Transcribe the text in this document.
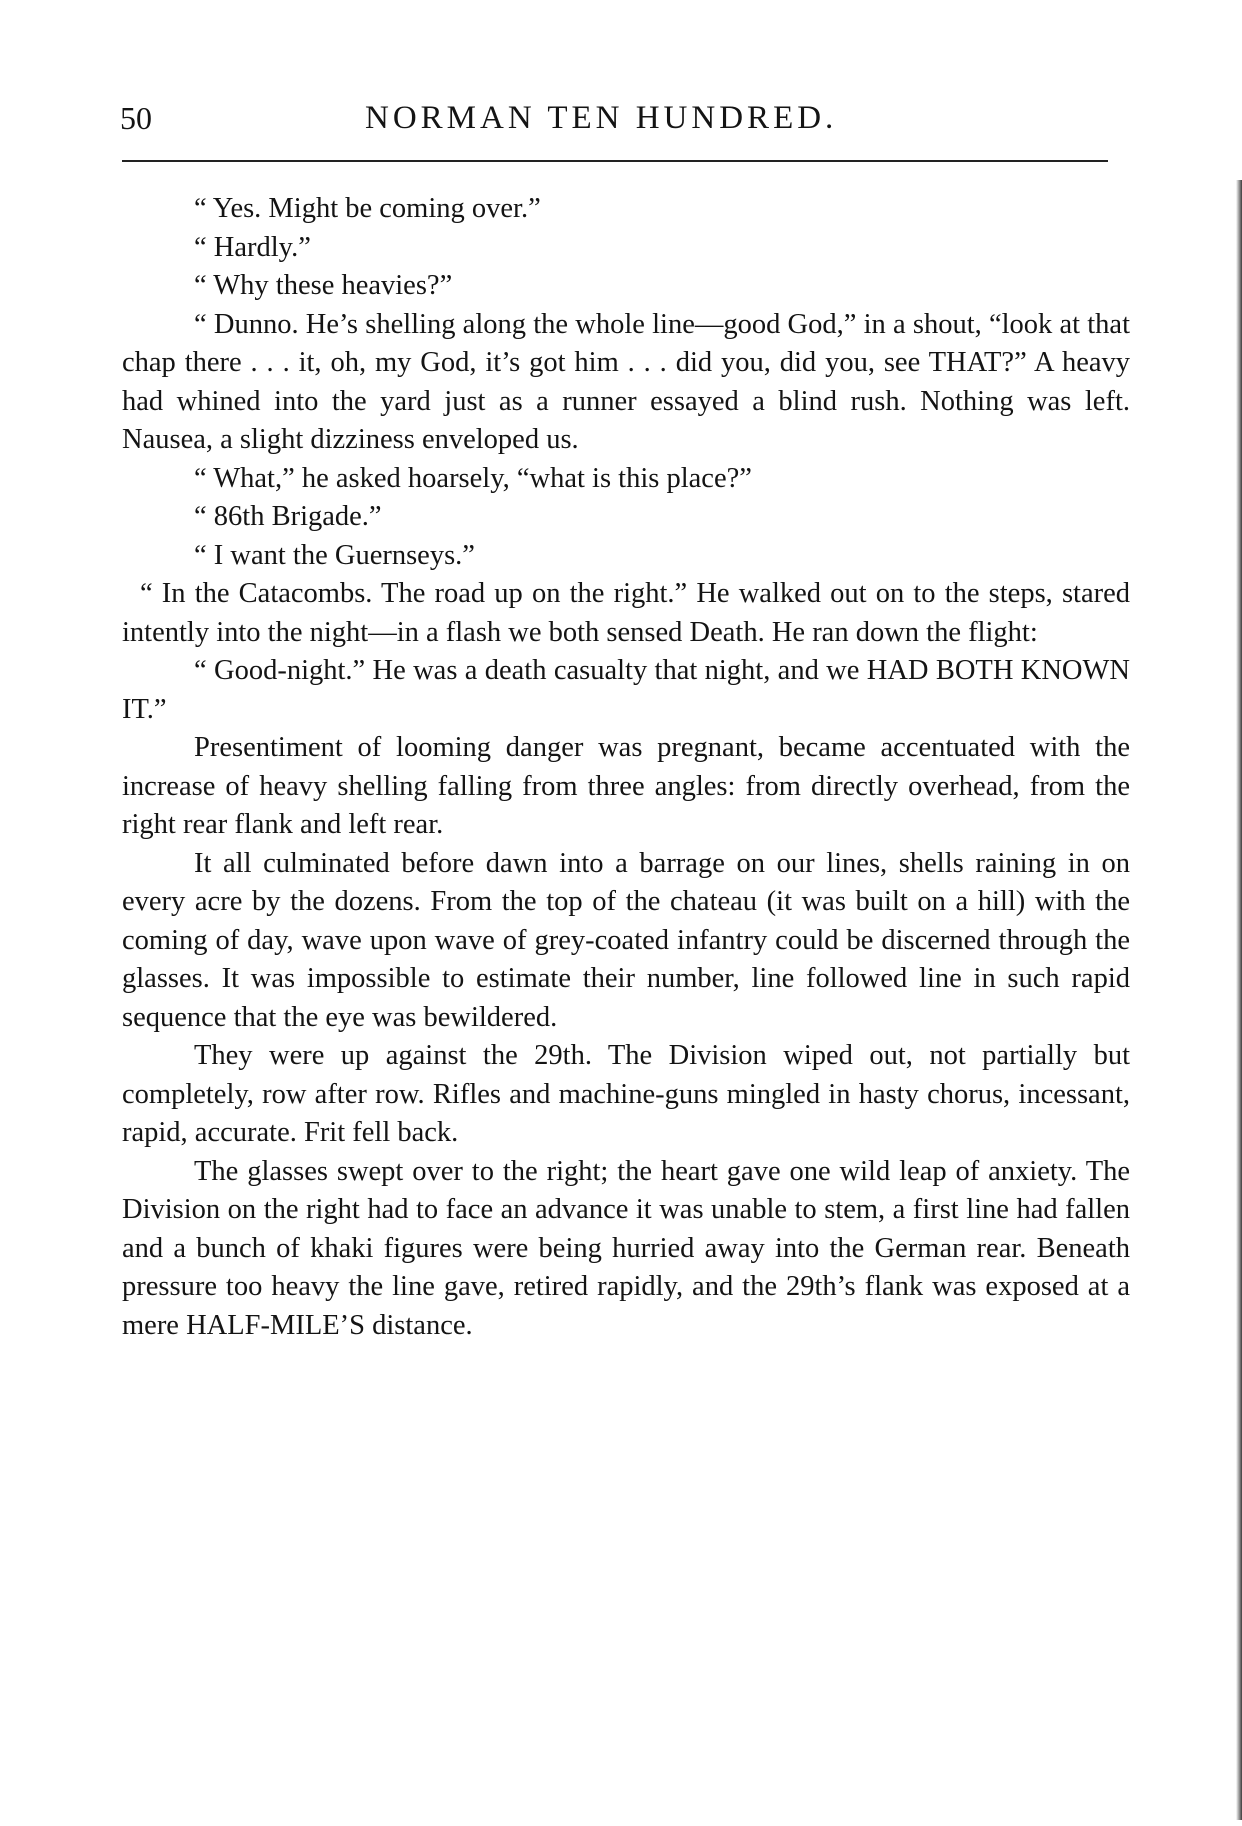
50	NORMAN TEN HUNDRED.

“ Yes. Might be coming over.”

“ Hardly.”

“ Why these heavies?”

“ Dunno. He’s shelling along the whole line—good God,” in a shout, “look at that chap there . . . it, oh, my God, it’s got him . . . did you, did you, see THAT?” A heavy had whined into the yard just as a runner essayed a blind rush. Nothing was left. Nausea, a slight dizziness enveloped us.

“ What,” he asked hoarsely, “what is this place?”

“ 86th Brigade.”

“ I want the Guernseys.”

“ In the Catacombs. The road up on the right.” He walked out on to the steps, stared intently into the night—in a flash we both sensed Death. He ran down the flight:

“ Good-night.” He was a death casualty that night, and we HAD BOTH KNOWN IT.”

Presentiment of looming danger was pregnant, became accentuated with the increase of heavy shelling falling from three angles: from directly overhead, from the right rear flank and left rear.

It all culminated before dawn into a barrage on our lines, shells raining in on every acre by the dozens. From the top of the chateau (it was built on a hill) with the coming of day, wave upon wave of grey-coated infantry could be discerned through the glasses. It was impossible to estimate their number, line followed line in such rapid sequence that the eye was bewildered.

They were up against the 29th. The Division wiped out, not partially but completely, row after row. Rifles and machine-guns mingled in hasty chorus, incessant, rapid, accurate. Frit fell back.

The glasses swept over to the right; the heart gave one wild leap of anxiety. The Division on the right had to face an advance it was unable to stem, a first line had fallen and a bunch of khaki figures were being hurried away into the German rear. Beneath pressure too heavy the line gave, retired rapidly, and the 29th’s flank was exposed at a mere HALF-MILE’S distance.
